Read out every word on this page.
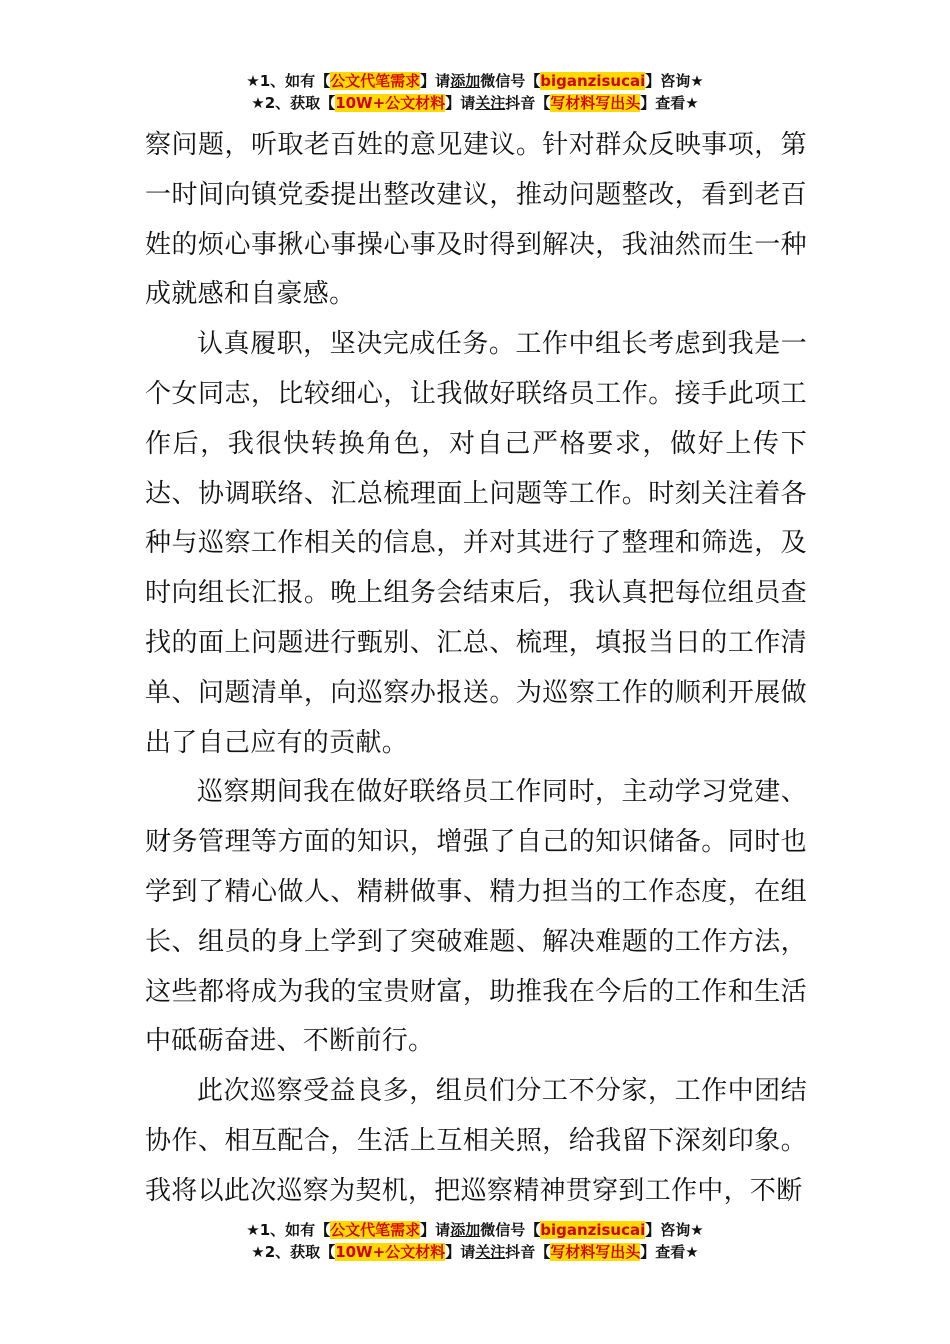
★1、如有【公文代笔需求】请添加微信号【biganzisucai】咨询★
★2、获取【10W+公文材料】请关注抖音【写材料写出头】查看★

察问题，听取老百姓的意见建议。针对群众反映事项，第一时间向镇党委提出整改建议，推动问题整改，看到老百姓的烦心事揪心事操心事及时得到解决，我油然而生一种成就感和自豪感。

认真履职，坚决完成任务。工作中组长考虑到我是一个女同志，比较细心，让我做好联络员工作。接手此项工作后，我很快转换角色，对自己严格要求，做好上传下达、协调联络、汇总梳理面上问题等工作。时刻关注着各种与巡察工作相关的信息，并对其进行了整理和筛选，及时向组长汇报。晚上组务会结束后，我认真把每位组员查找的面上问题进行甄别、汇总、梳理，填报当日的工作清单、问题清单，向巡察办报送。为巡察工作的顺利开展做出了自己应有的贡献。

巡察期间我在做好联络员工作同时，主动学习党建、财务管理等方面的知识，增强了自己的知识储备。同时也学到了精心做人、精耕做事、精力担当的工作态度，在组长、组员的身上学到了突破难题、解决难题的工作方法，这些都将成为我的宝贵财富，助推我在今后的工作和生活中砥砺奋进、不断前行。

此次巡察受益良多，组员们分工不分家，工作中团结协作、相互配合，生活上互相关照，给我留下深刻印象。我将以此次巡察为契机，把巡察精神贯穿到工作中，不断

★1、如有【公文代笔需求】请添加微信号【biganzisucai】咨询★
★2、获取【10W+公文材料】请关注抖音【写材料写出头】查看★
